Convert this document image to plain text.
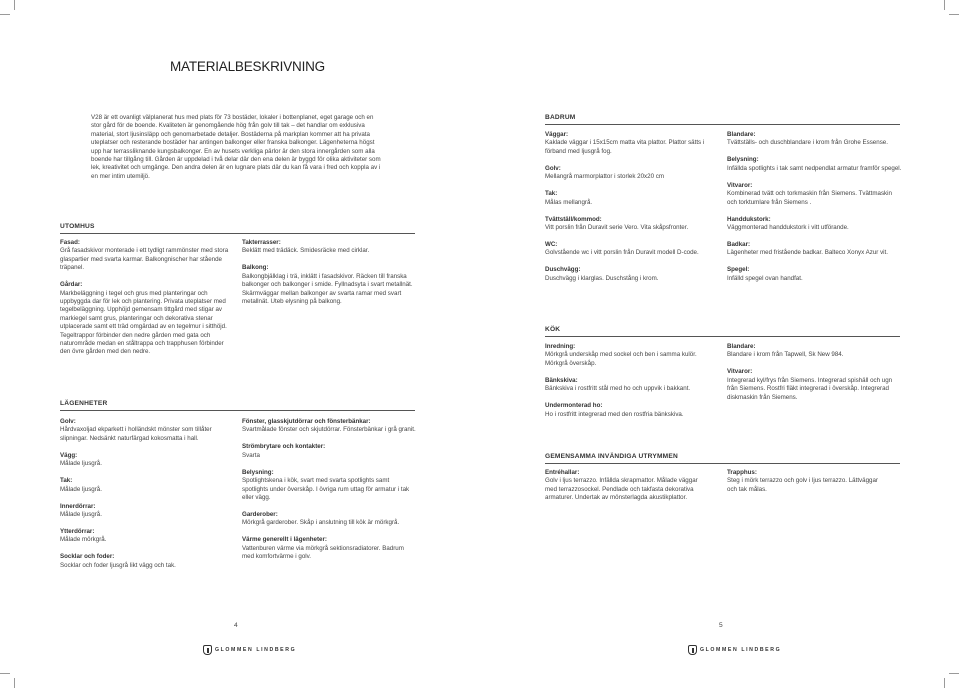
MATERIALBESKRIVNING
V28 är ett ovanligt välplanerat hus med plats för 73 bostäder, lokaler i bottenplanet, eget garage och en stor gård för de boende. Kvaliteten är genomgående hög från golv till tak – det handlar om exklusiva material, stort ljusinsläpp och genomarbetade detaljer. Bostäderna på markplan kommer att ha privata uteplatser och resterande bostäder har antingen balkonger eller franska balkonger. Lägenheterna högst upp har terrassliknande kungsbalkonger. En av husets verkliga pärlor är den stora innergården som alla boende har tillgång till. Gården är uppdelad i två delar där den ena delen är byggd för olika aktiviteter som lek, kreativitet och umgänge. Den andra delen är en lugnare plats där du kan få vara i fred och koppla av i en mer intim utemiljö.
UTOMHUS
Fasad:
Grå fasadskivor monterade i ett tydligt rammönster med stora glaspartier med svarta karmar. Balkongnischer har stående träpanel.
Gårdar:
Markbeläggning i tegel och grus med planteringar och uppbyggda dar för lek och plantering. Privata uteplatser med tegelbeläggning. Upphöjd gemensam tittgård med stigar av markiegel samt grus, planteringar och dekorativa stenar utplacerade samt ett träd omgärdad av en tegelmur i sitthöjd. Tegeltrappor förbinder den nedre gården med gata och naturområde medan en ståltrappa och trapphusen förbinder den övre gården med den nedre.
Takterrasser:
Beklätt med trädäck. Smidesräcke med cirklar.
Balkong:
Balkongbjälklag i trä, inklätt i fasadskivor. Räcken till franska balkonger och balkonger i smide. Fyllnadsyta i svart metallnät. Skärmväggar mellan balkonger av svarta ramar med svart metallnät. Uteb elysning på balkong.
LÄGENHETER
Golv:
Hårdvaxoljad ekparkett i holländskt mönster som tillåter slipningar. Nedsänkt naturfärgad kokosmatta i hall.
Vägg:
Målade ljusgrå.
Tak:
Målade ljusgrå.
Innerdörrar:
Målade ljusgrå.
Ytterdörrar:
Målade mörkgrå.
Socklar och foder:
Socklar och foder ljusgrå likt vägg och tak.
Fönster, glasskjutdörrar och fönsterbänkar:
Svartmålade fönster och skjutdörrar. Fönsterbänkar i grå granit.
Strömbrytare och kontakter:
Svarta
Belysning:
Spotlightskena i kök, svart med svarta spotlights samt spotlights under överskåp. I övriga rum uttag för armatur i tak eller vägg.
Garderober:
Mörkgrå garderober. Skåp i anslutning till kök är mörkgrå.
Värme generellt i lägenheter:
Vattenburen värme via mörkgrå sektionsradiatorer. Badrum med komfortvärme i golv.
BADRUM
Väggar:
Kaklade väggar i 15x15cm matta vita plattor. Plattor sätts i förband med ljusgrå fog.
Golv:
Mellangrå marmorplattor i storlek 20x20 cm
Tak:
Målas mellangrå.
Tvättställ/kommod:
Vitt porslin från Duravit serie Vero. Vita skåpsfronter.
WC:
Golvstående wc i vitt porslin från Duravit modell D-code.
Duschvägg:
Duschvägg i klarglas. Duschstång i krom.
Blandare:
Tvättställs- och duschblandare i krom från Grohe Essense.
Belysning:
Infällda spotlights i tak samt nedpendlat armatur framför spegel.
Vitvaror:
Kombinerad tvätt och torkmaskin från Siemens. Tvättmaskin och torktumlare från Siemens .
Handdukstork:
Väggmonterad handdukstork i vitt utförande.
Badkar:
Lägenheter med fristående badkar. Balteco Xonyx Azur vit.
Spegel:
Infälld spegel ovan handfat.
KÖK
Inredning:
Mörkgrå underskåp med sockel och ben i samma kulör. Mörkgrå överskåp.
Bänkskiva:
Bänkskiva i rostfritt stål med ho och uppvik i bakkant.
Undermonterad ho:
Ho i rostfritt integrerad med den rostfria bänkskiva.
Blandare:
Blandare i krom från Tapwell, Sk New 984.
Vitvaror:
Integrerad kyl/frys från Siemens. Integrerad spishäll och ugn från Siemens. Rostfri fläkt integrerad i överskåp. Integrerad diskmaskin från Siemens.
GEMENSAMMA INVÄNDIGA UTRYMMEN
Entréhallar:
Golv i ljus terrazzo. Infällda skrapmattor. Målade väggar med terrazzosockel. Pendlade och takfasta dekorativa armaturer. Undertak av mönsterlagda akustikplattor.
Trapphus:
Steg i mörk terrazzo och golv i ljus terrazzo. Lättväggar och tak målas.
4	5
GLOMMEN LINDBERG	GLOMMEN LINDBERG
